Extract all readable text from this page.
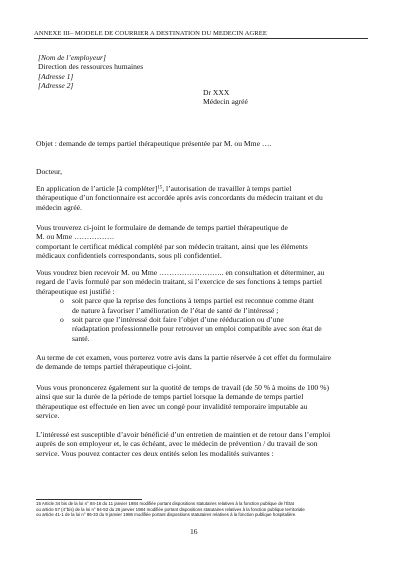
ANNEXE III– MODELE DE COURRIER A DESTINATION DU MEDECIN AGREE
[Nom de l’employeur]
Direction des ressources humaines
[Adresse 1]
[Adresse 2]
Dr XXX
Médecin agréé
Objet : demande de temps partiel thérapeutique présentée par M. ou Mme ….
Docteur,
En application de l’article [à compléter]$^{15}$, l’autorisation de travailler à temps partiel
thérapeutique d’un fonctionnaire est accordée après avis concordants du médecin traitant et du
médecin agréé.
Vous trouverez ci-joint le formulaire de demande de temps partiel thérapeutique de
M. ou Mme …………….
comportant le certificat médical complété par son médecin traitant, ainsi que les éléments
médicaux confidentiels correspondants, sous pli confidentiel.
Vous voudrez bien recevoir M. ou Mme …………………….. en consultation et déterminer, au
regard de l’avis formulé par son médecin traitant, si l’exercice de ses fonctions à temps partiel
thérapeutique est justifié :
o soit parce que la reprise des fonctions à temps partiel est reconnue comme étant
de nature à favoriser l’amélioration de l’état de santé de l’intéressé ;
o soit parce que l’intéressé doit faire l’objet d’une rééducation ou d’une
réadaptation professionnelle pour retrouver un emploi compatible avec son état de
santé.
Au terme de cet examen, vous porterez votre avis dans la partie réservée à cet effet du formulaire
de demande de temps partiel thérapeutique ci-joint.
Vous vous prononcerez également sur la quotité de temps de travail (de 50 % à moins de 100 %)
ainsi que sur la durée de la période de temps partiel lorsque la demande de temps partiel
thérapeutique est effectuée en lien avec un congé pour invalidité temporaire imputable au
service.
L’intéressé est susceptible d’avoir bénéficié d’un entretien de maintien et de retour dans l’emploi
auprès de son employeur et, le cas échéant, avec le médecin de prévention / du travail de son
service. Vous pouvez contacter ces deux entités selon les modalités suivantes :
15 Article 34 bis de la loi n° 84-16 du 11 janvier 1984 modifiée portant dispositions statutaires relatives à la fonction publique de l’État
ou article 57 (4°bis) de la loi n° 84-53 du 26 janvier 1984 modifiée portant dispositions statutaires relatives à la fonction publique territoriale
ou article 41-1 de la loi n° 86-33 du 9 janvier 1986 modifiée portant dispositions statutaires relatives à la fonction publique hospitalière.
16
